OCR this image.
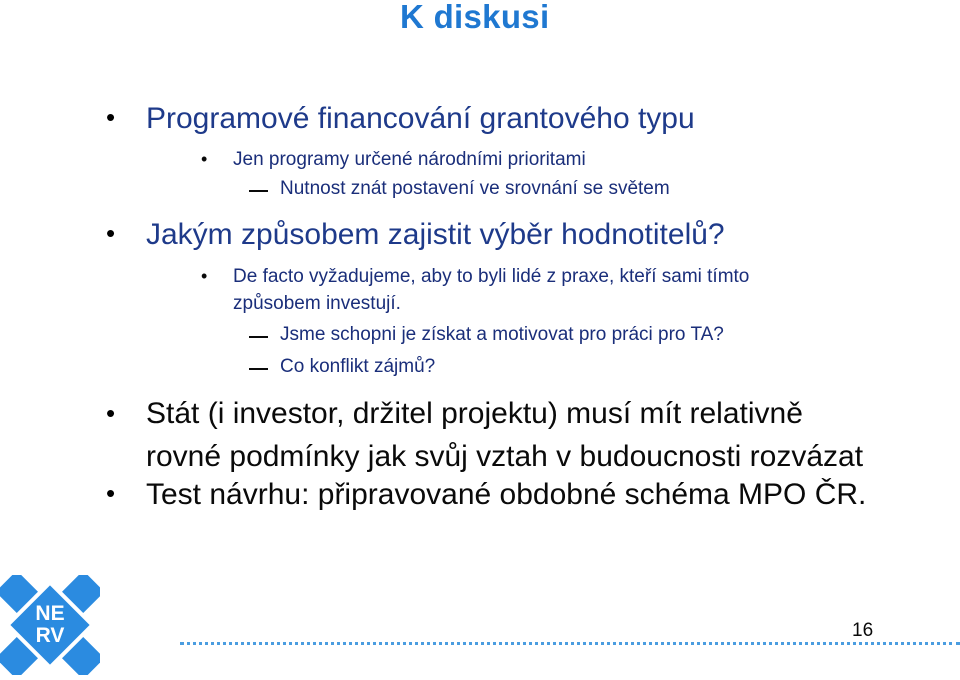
K diskusi
• Programové financování grantového typu
• Jen programy určené národními prioritami
Nutnost znát postavení ve srovnání se světem
• Jakým způsobem zajistit výběr hodnotitelů?
• De facto vyžadujeme, aby to byli lidé z praxe, kteří sami tímto
způsobem investují.
Jsme schopni je získat a motivovat pro práci pro TA?
Co konflikt zájmů?
• Stát (i investor, držitel projektu) musí mít relativně
rovné podmínky jak svůj vztah v budoucnosti rozvázat
• Test návrhu: připravované obdobné schéma MPO ČR.
NE
RV	16
